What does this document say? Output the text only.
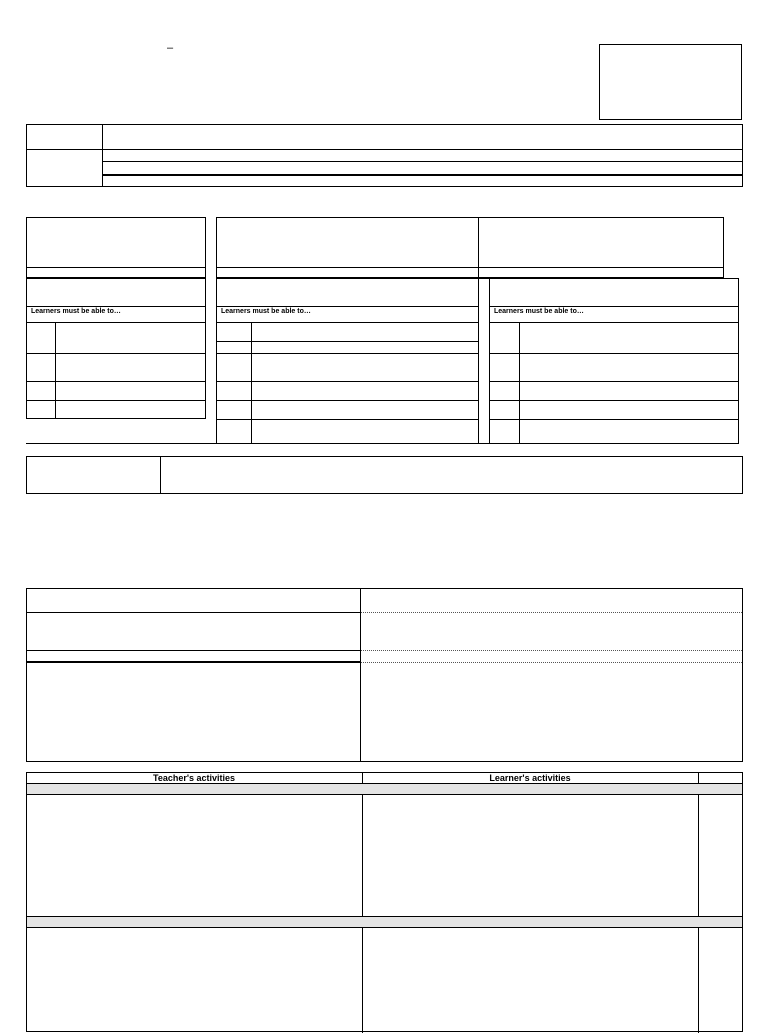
–
Learners must be able to…	Learners must be able to…	Learners must be able to…
Teacher's activities	Learner's activities
